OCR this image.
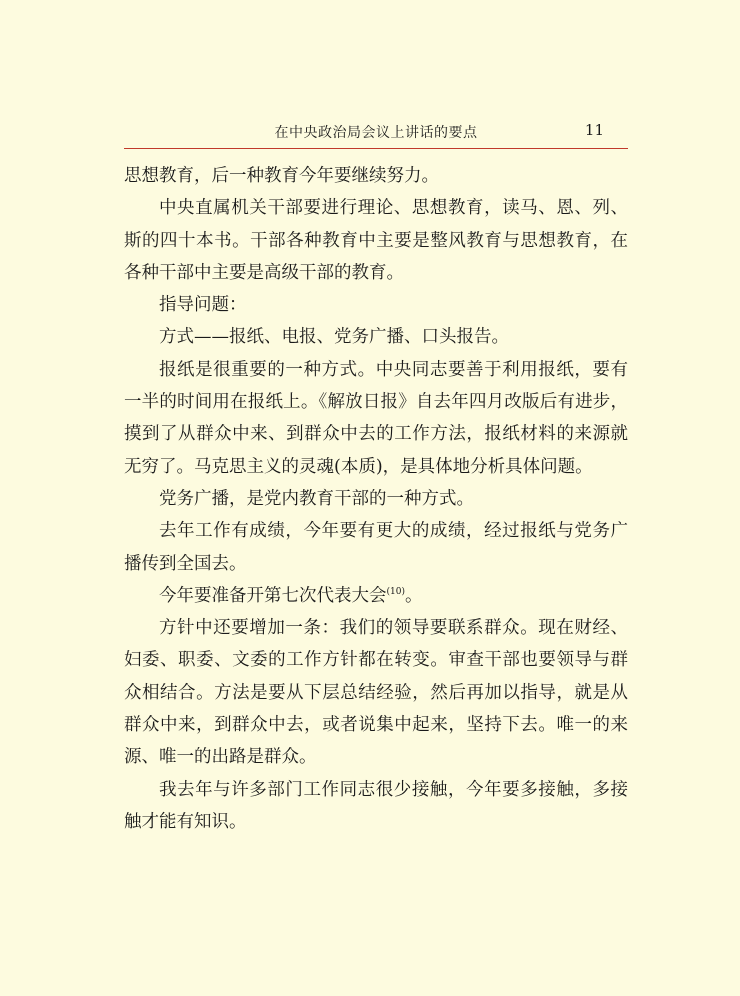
在中央政治局会议上讲话的要点	11

思想教育，后一种教育今年要继续努力。

中央直属机关干部要进行理论、思想教育，读马、恩、列、斯的四十本书。干部各种教育中主要是整风教育与思想教育，在各种干部中主要是高级干部的教育。

指导问题：

方式——报纸、电报、党务广播、口头报告。

报纸是很重要的一种方式。中央同志要善于利用报纸，要有一半的时间用在报纸上。《解放日报》自去年四月改版后有进步，摸到了从群众中来、到群众中去的工作方法，报纸材料的来源就无穷了。马克思主义的灵魂(本质)，是具体地分析具体问题。

党务广播，是党内教育干部的一种方式。

去年工作有成绩，今年要有更大的成绩，经过报纸与党务广播传到全国去。

今年要准备开第七次代表大会$^{(10)}$。

方针中还要增加一条：我们的领导要联系群众。现在财经、妇委、职委、文委的工作方针都在转变。审查干部也要领导与群众相结合。方法是要从下层总结经验，然后再加以指导，就是从群众中来，到群众中去，或者说集中起来，坚持下去。唯一的来源、唯一的出路是群众。

我去年与许多部门工作同志很少接触，今年要多接触，多接触才能有知识。
